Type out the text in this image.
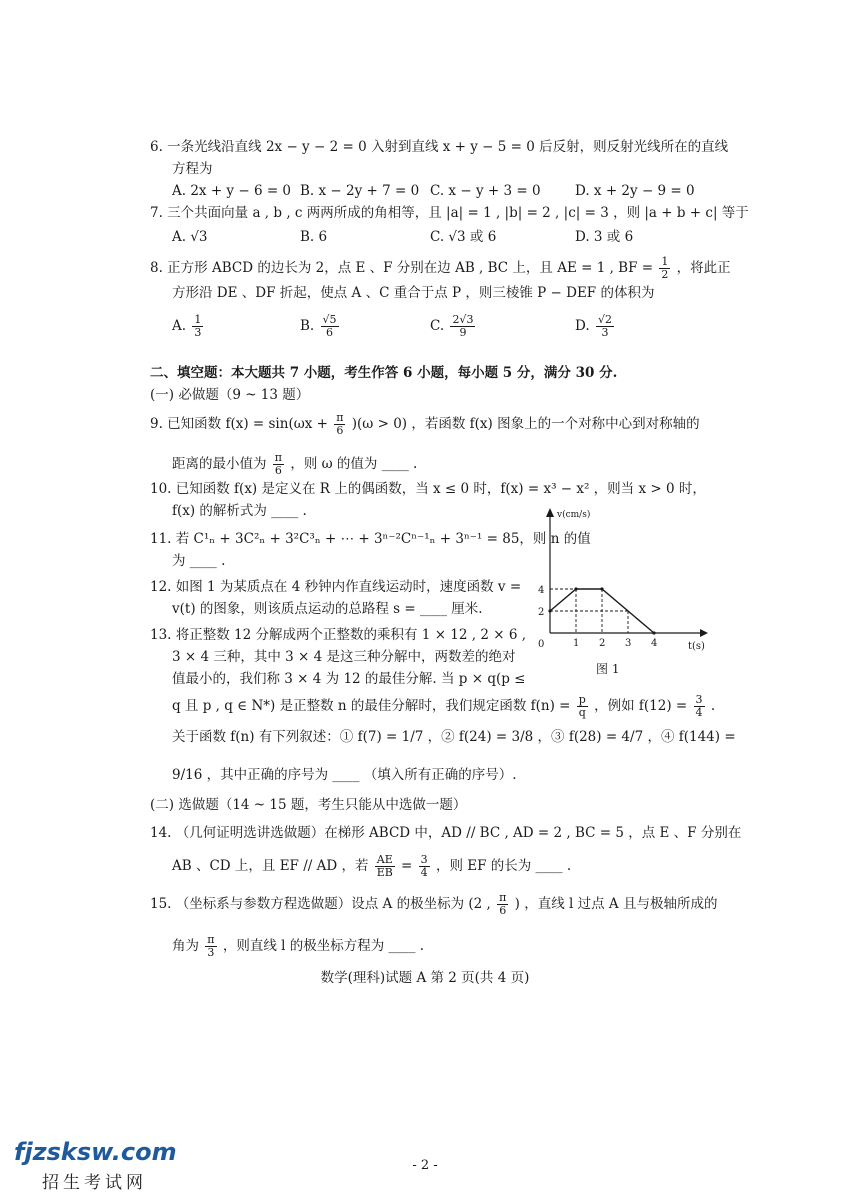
6. 一条光线沿直线 2x − y − 2 = 0 入射到直线 x + y − 5 = 0 后反射，则反射光线所在的直线
方程为
A. 2x + y − 6 = 0 B. x − 2y + 7 = 0 C. x − y + 3 = 0	D. x + 2y − 9 = 0
7. 三个共面向量 a , b , c 两两所成的角相等，且 |a| = 1 , |b| = 2 , |c| = 3 ，则 |a + b + c| 等于
A. √3	B. 6	C. √3 或 6	D. 3 或 6
8. 正方形 ABCD 的边长为 2，点 E 、F 分别在边 AB , BC 上，且 AE = 1 , BF = $\frac{1}{2}$ ，将此正
方形沿 DE 、DF 折起，使点 A 、C 重合于点 P ，则三棱锥 P − DEF 的体积为
A. $\frac{1}{3}$	B. $\frac{√5}{6}$	C. $\frac{2√3}{9}$	D. $\frac{√2}{3}$
二、填空题：本大题共 7 小题，考生作答 6 小题，每小题 5 分，满分 30 分.
(一) 必做题（9 ~ 13 题）
9. 已知函数 $f(x) = \sin(\omega x + \frac{\pi}{6} )(\omega > 0)$ ，若函数 f(x) 图象上的一个对称中心到对称轴的
距离的最小值为 $\frac{\pi}{6}$ ，则 ω 的值为 ____ .
10. 已知函数 f(x) 是定义在 R 上的偶函数，当 x ≤ 0 时，f(x) = x³ − x² ，则当 x > 0 时，
f(x) 的解析式为 ____ .
11. 若 C¹ₙ + 3C²ₙ + 3²C³ₙ + ⋯ + 3ⁿ⁻²Cⁿ⁻¹ₙ + 3ⁿ⁻¹ = 85，则 n 的值
为 ____ .
12. 如图 1 为某质点在 4 秒钟内作直线运动时，速度函数 v =
v(t) 的图象，则该质点运动的总路程 s = ____ 厘米.
13. 将正整数 12 分解成两个正整数的乘积有 1 × 12 , 2 × 6 ,
3 × 4 三种，其中 3 × 4 是这三种分解中，两数差的绝对
值最小的，我们称 3 × 4 为 12 的最佳分解. 当 p × q(p ≤
q 且 p , q ∈ N*) 是正整数 n 的最佳分解时，我们规定函数 $f(n) = \frac{p}{q}$ ，例如 $f(12) = \frac{3}{4}$ .
关于函数 f(n) 有下列叙述：① f(7) = 1/7 ，② f(24) = 3/8 ，③ f(28) = 4/7 ，④ f(144) =
9/16 ，其中正确的序号为 ____ （填入所有正确的序号）.
v(cm/s)
t(s)
0
4
2
1 2 3 4
图 1
(二) 选做题（14 ~ 15 题，考生只能从中选做一题）
14. （几何证明选讲选做题）在梯形 ABCD 中，AD // BC , AD = 2 , BC = 5 ，点 E 、F 分别在
AB 、CD 上，且 EF // AD ，若 $\frac{AE}{EB} = \frac{3}{4}$ ，则 EF 的长为 ____ .
15. （坐标系与参数方程选做题）设点 A 的极坐标为 (2 , $\frac{\pi}{6}$ ) ，直线 l 过点 A 且与极轴所成的
角为 $\frac{\pi}{3}$ ，则直线 l 的极坐标方程为 ____ .
数学(理科)试题 A 第 2 页(共 4 页)
- 2 -
fjzsksw.com
招生考试网
